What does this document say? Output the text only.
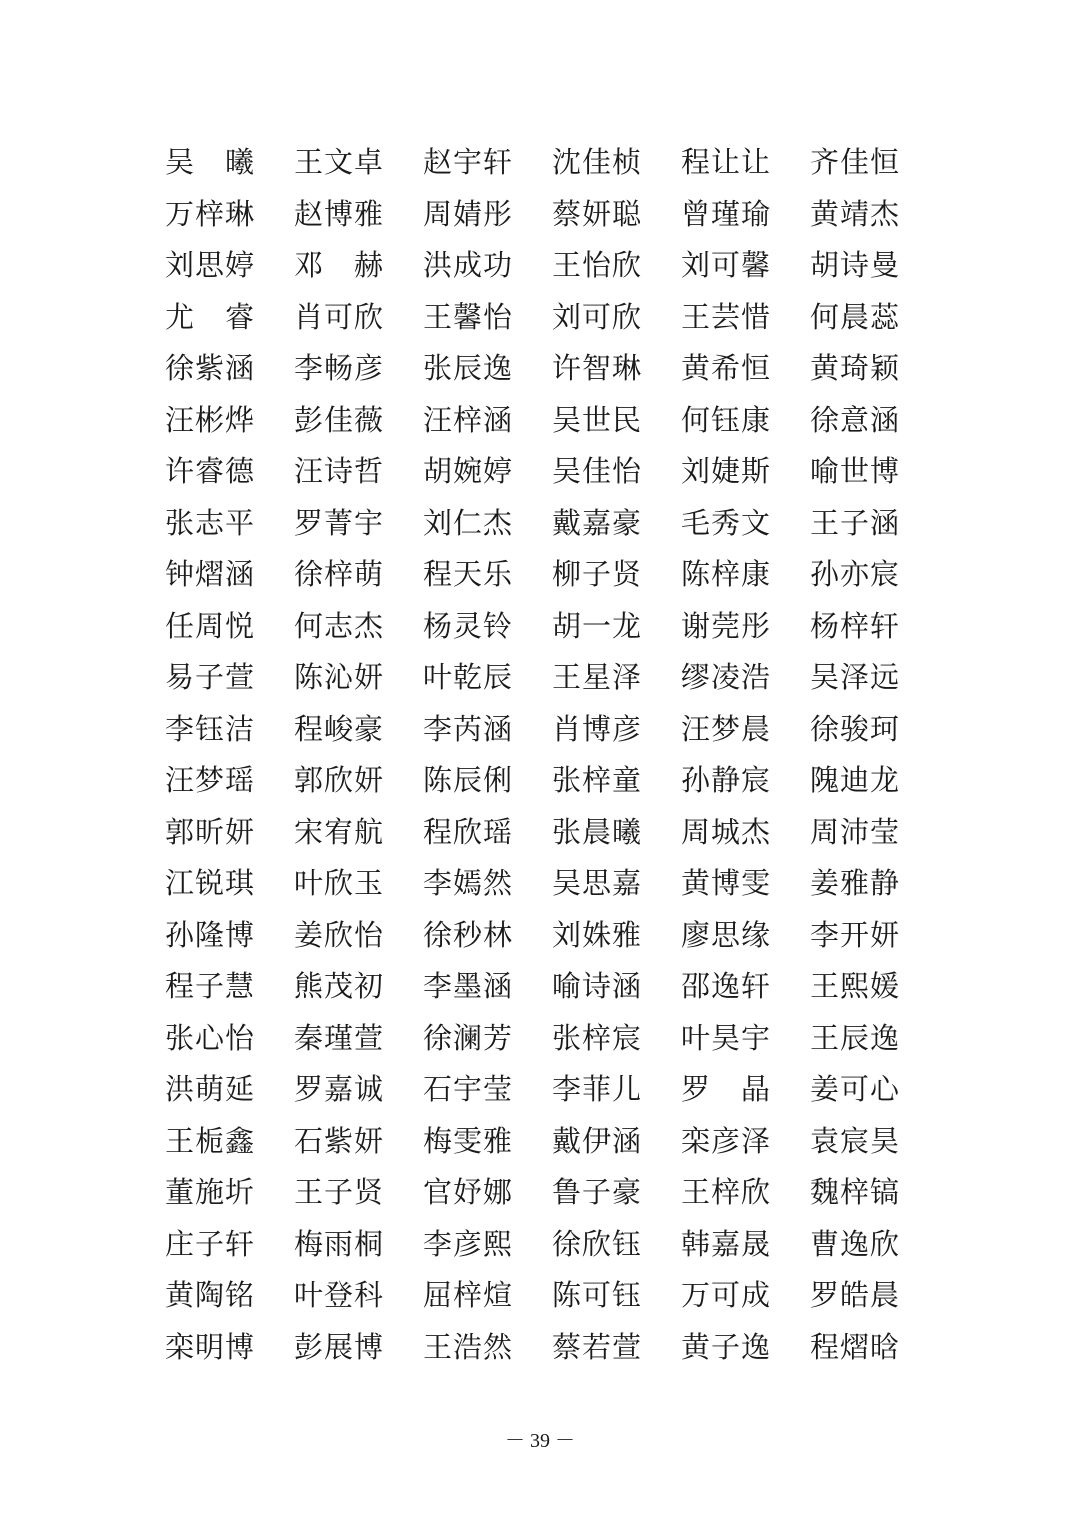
吴　曦	王文卓	赵宇轩	沈佳桢	程让让	齐佳恒
万梓琳	赵博雅	周婧彤	蔡妍聪	曾瑾瑜	黄靖杰
刘思婷	邓　赫	洪成功	王怡欣	刘可馨	胡诗曼
尤　睿	肖可欣	王馨怡	刘可欣	王芸惜	何晨蕊
徐紫涵	李畅彦	张辰逸	许智琳	黄希恒	黄琦颖
汪彬烨	彭佳薇	汪梓涵	吴世民	何钰康	徐意涵
许睿德	汪诗哲	胡婉婷	吴佳怡	刘婕斯	喻世博
张志平	罗菁宇	刘仁杰	戴嘉豪	毛秀文	王子涵
钟熠涵	徐梓萌	程天乐	柳子贤	陈梓康	孙亦宸
任周悦	何志杰	杨灵铃	胡一龙	谢莞彤	杨梓轩
易子萱	陈沁妍	叶乾辰	王星泽	缪凌浩	吴泽远
李钰洁	程峻豪	李芮涵	肖博彦	汪梦晨	徐骏珂
汪梦瑶	郭欣妍	陈辰俐	张梓童	孙静宸	隗迪龙
郭昕妍	宋宥航	程欣瑶	张晨曦	周城杰	周沛莹
江锐琪	叶欣玉	李嫣然	吴思嘉	黄博雯	姜雅静
孙隆博	姜欣怡	徐秒林	刘姝雅	廖思缘	李开妍
程子慧	熊茂初	李墨涵	喻诗涵	邵逸轩	王熙媛
张心怡	秦瑾萱	徐澜芳	张梓宸	叶昊宇	王辰逸
洪萌延	罗嘉诚	石宇莹	李菲儿	罗　晶	姜可心
王栀鑫	石紫妍	梅雯雅	戴伊涵	栾彦泽	袁宸昊
董施圻	王子贤	官妤娜	鲁子豪	王梓欣	魏梓镐
庄子轩	梅雨桐	李彦熙	徐欣钰	韩嘉晟	曹逸欣
黄陶铭	叶登科	屈梓煊	陈可钰	万可成	罗皓晨
栾明博	彭展博	王浩然	蔡若萱	黄子逸	程熠晗
－ 39 －
